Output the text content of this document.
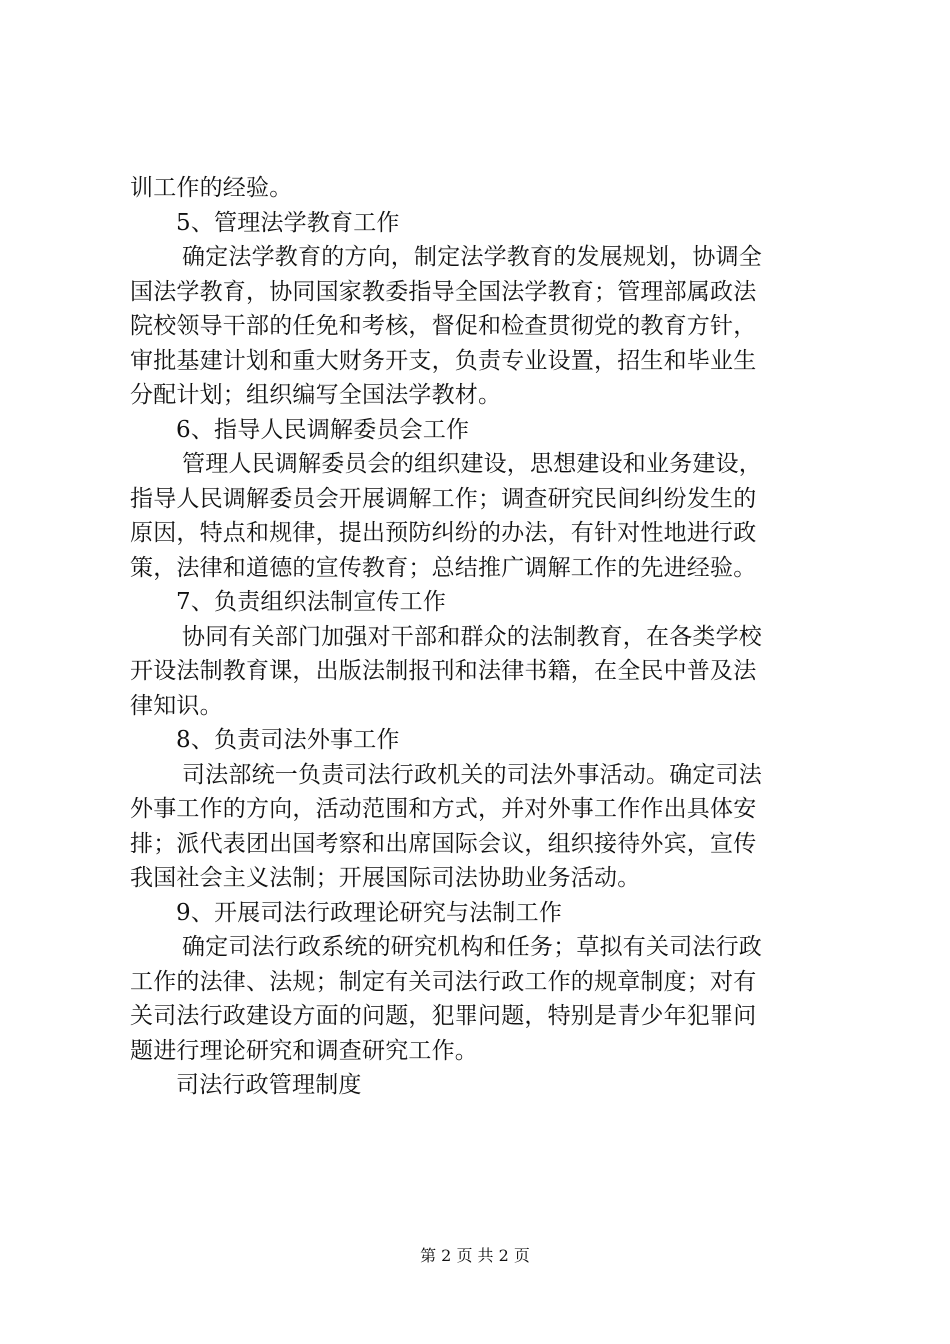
训工作的经验。
5、管理法学教育工作
确定法学教育的方向，制定法学教育的发展规划，协调全
国法学教育，协同国家教委指导全国法学教育；管理部属政法
院校领导干部的任免和考核，督促和检查贯彻党的教育方针，
审批基建计划和重大财务开支，负责专业设置，招生和毕业生
分配计划；组织编写全国法学教材。
6、指导人民调解委员会工作
管理人民调解委员会的组织建设，思想建设和业务建设，
指导人民调解委员会开展调解工作；调查研究民间纠纷发生的
原因，特点和规律，提出预防纠纷的办法，有针对性地进行政
策，法律和道德的宣传教育；总结推广调解工作的先进经验。
7、负责组织法制宣传工作
协同有关部门加强对干部和群众的法制教育，在各类学校
开设法制教育课，出版法制报刊和法律书籍，在全民中普及法
律知识。
8、负责司法外事工作
司法部统一负责司法行政机关的司法外事活动。确定司法
外事工作的方向，活动范围和方式，并对外事工作作出具体安
排；派代表团出国考察和出席国际会议，组织接待外宾，宣传
我国社会主义法制；开展国际司法协助业务活动。
9、开展司法行政理论研究与法制工作
确定司法行政系统的研究机构和任务；草拟有关司法行政
工作的法律、法规；制定有关司法行政工作的规章制度；对有
关司法行政建设方面的问题，犯罪问题，特别是青少年犯罪问
题进行理论研究和调查研究工作。
司法行政管理制度
第 2 页 共 2 页
